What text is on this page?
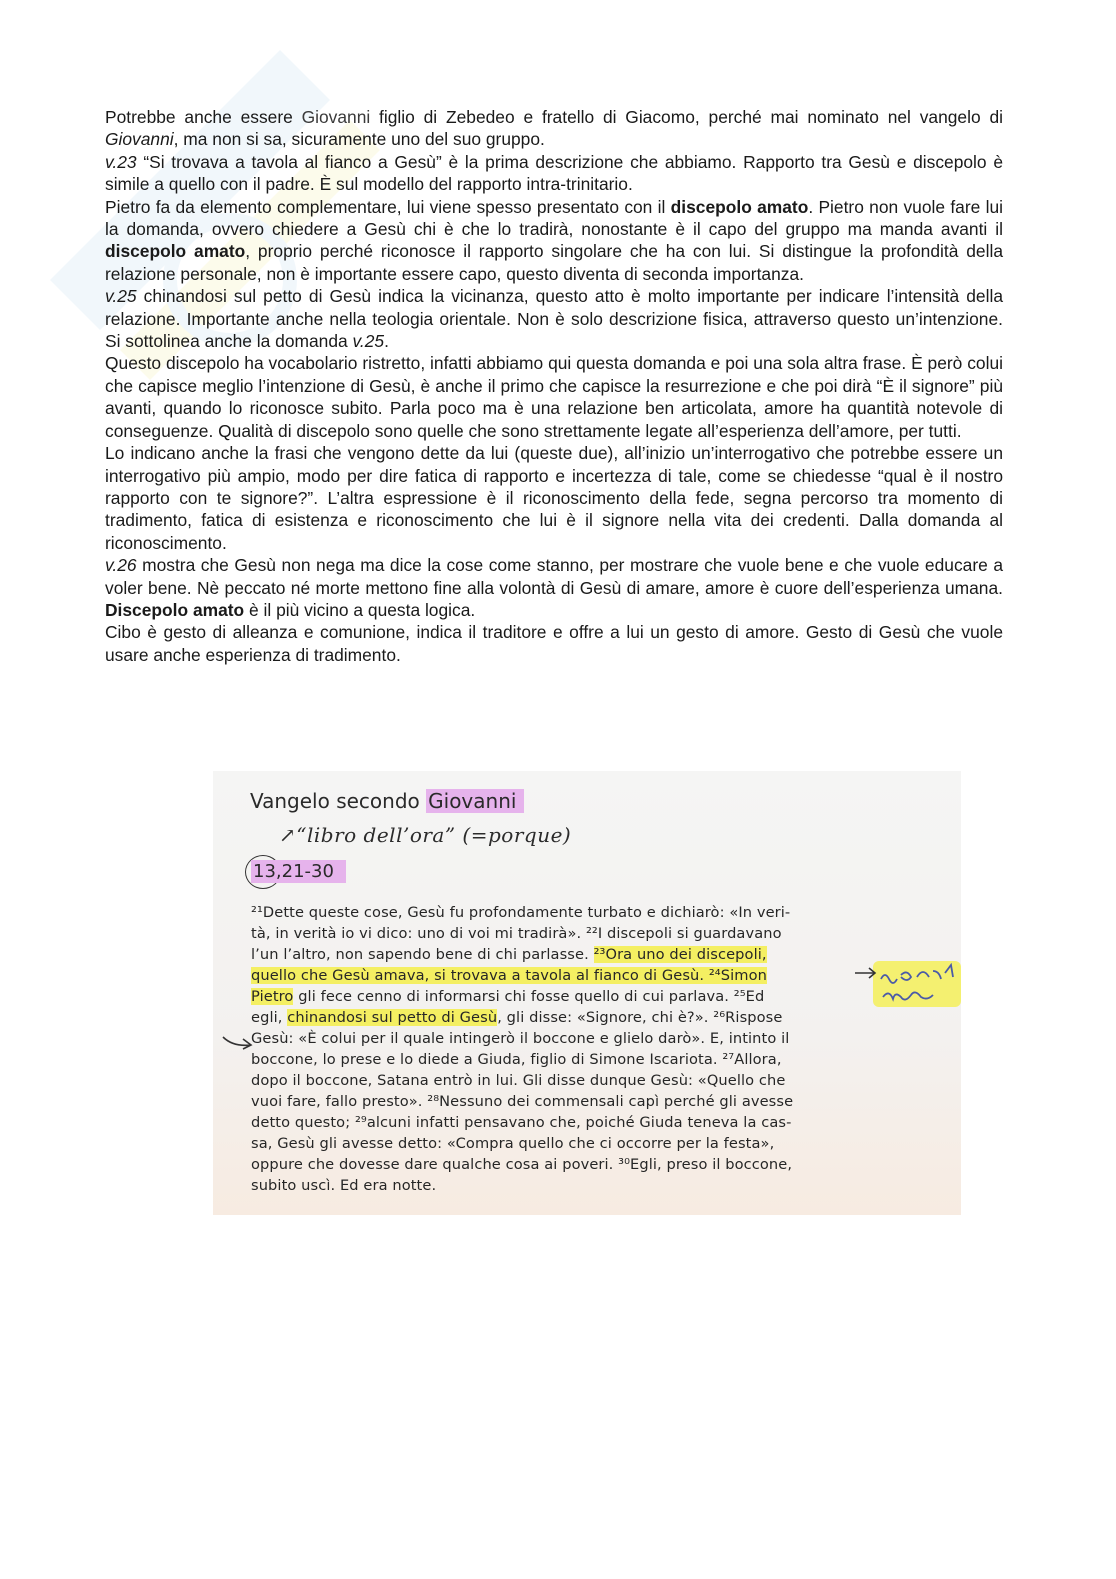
Potrebbe anche essere Giovanni figlio di Zebedeo e fratello di Giacomo, perché mai nominato nel vangelo di Giovanni, ma non si sa, sicuramente uno del suo gruppo.

v.23 “Si trovava a tavola al fianco a Gesù” è la prima descrizione che abbiamo. Rapporto tra Gesù e discepolo è simile a quello con il padre. È sul modello del rapporto intra-trinitario.

Pietro fa da elemento complementare, lui viene spesso presentato con il discepolo amato. Pietro non vuole fare lui la domanda, ovvero chiedere a Gesù chi è che lo tradirà, nonostante è il capo del gruppo ma manda avanti il discepolo amato, proprio perché riconosce il rapporto singolare che ha con lui. Si distingue la profondità della relazione personale, non è importante essere capo, questo diventa di seconda importanza.

v.25 chinandosi sul petto di Gesù indica la vicinanza, questo atto è molto importante per indicare l’intensità della relazione. Importante anche nella teologia orientale. Non è solo descrizione fisica, attraverso questo un’intenzione. Si sottolinea anche la domanda v.25.

Questo discepolo ha vocabolario ristretto, infatti abbiamo qui questa domanda e poi una sola altra frase. È però colui che capisce meglio l’intenzione di Gesù, è anche il primo che capisce la resurrezione e che poi dirà “È il signore” più avanti, quando lo riconosce subito. Parla poco ma è una relazione ben articolata, amore ha quantità notevole di conseguenze. Qualità di discepolo sono quelle che sono strettamente legate all’esperienza dell’amore, per tutti.

Lo indicano anche la frasi che vengono dette da lui (queste due), all’inizio un’interrogativo che potrebbe essere un interrogativo più ampio, modo per dire fatica di rapporto e incertezza di tale, come se chiedesse “qual è il nostro rapporto con te signore?”. L’altra espressione è il riconoscimento della fede, segna percorso tra momento di tradimento, fatica di esistenza e riconoscimento che lui è il signore nella vita dei credenti. Dalla domanda al riconoscimento.

v.26 mostra che Gesù non nega ma dice la cose come stanno, per mostrare che vuole bene e che vuole educare a voler bene. Nè peccato né morte mettono fine alla volontà di Gesù di amare, amore è cuore dell’esperienza umana. Discepolo amato è il più vicino a questa logica.

Cibo è gesto di alleanza e comunione, indica il traditore e offre a lui un gesto di amore. Gesto di Gesù che vuole usare anche esperienza di tradimento.

Vangelo secondo Giovanni
↗“libro dell’ora” (=porque)
13,21-30

²¹Dette queste cose, Gesù fu profondamente turbato e dichiarò: «In veri-

tà, in verità io vi dico: uno di voi mi tradirà». ²²I discepoli si guardavano

l’un l’altro, non sapendo bene di chi parlasse. ²³Ora uno dei discepoli,

quello che Gesù amava, si trovava a tavola al fianco di Gesù. ²⁴Simon

Pietro gli fece cenno di informarsi chi fosse quello di cui parlava. ²⁵Ed

egli, chinandosi sul petto di Gesù, gli disse: «Signore, chi è?». ²⁶Rispose

Gesù: «È colui per il quale intingerò il boccone e glielo darò». E, intinto il

boccone, lo prese e lo diede a Giuda, figlio di Simone Iscariota. ²⁷Allora,

dopo il boccone, Satana entrò in lui. Gli disse dunque Gesù: «Quello che

vuoi fare, fallo presto». ²⁸Nessuno dei commensali capì perché gli avesse

detto questo; ²⁹alcuni infatti pensavano che, poiché Giuda teneva la cas-

sa, Gesù gli avesse detto: «Compra quello che ci occorre per la festa»,

oppure che dovesse dare qualche cosa ai poveri. ³⁰Egli, preso il boccone,

subito uscì. Ed era notte.
